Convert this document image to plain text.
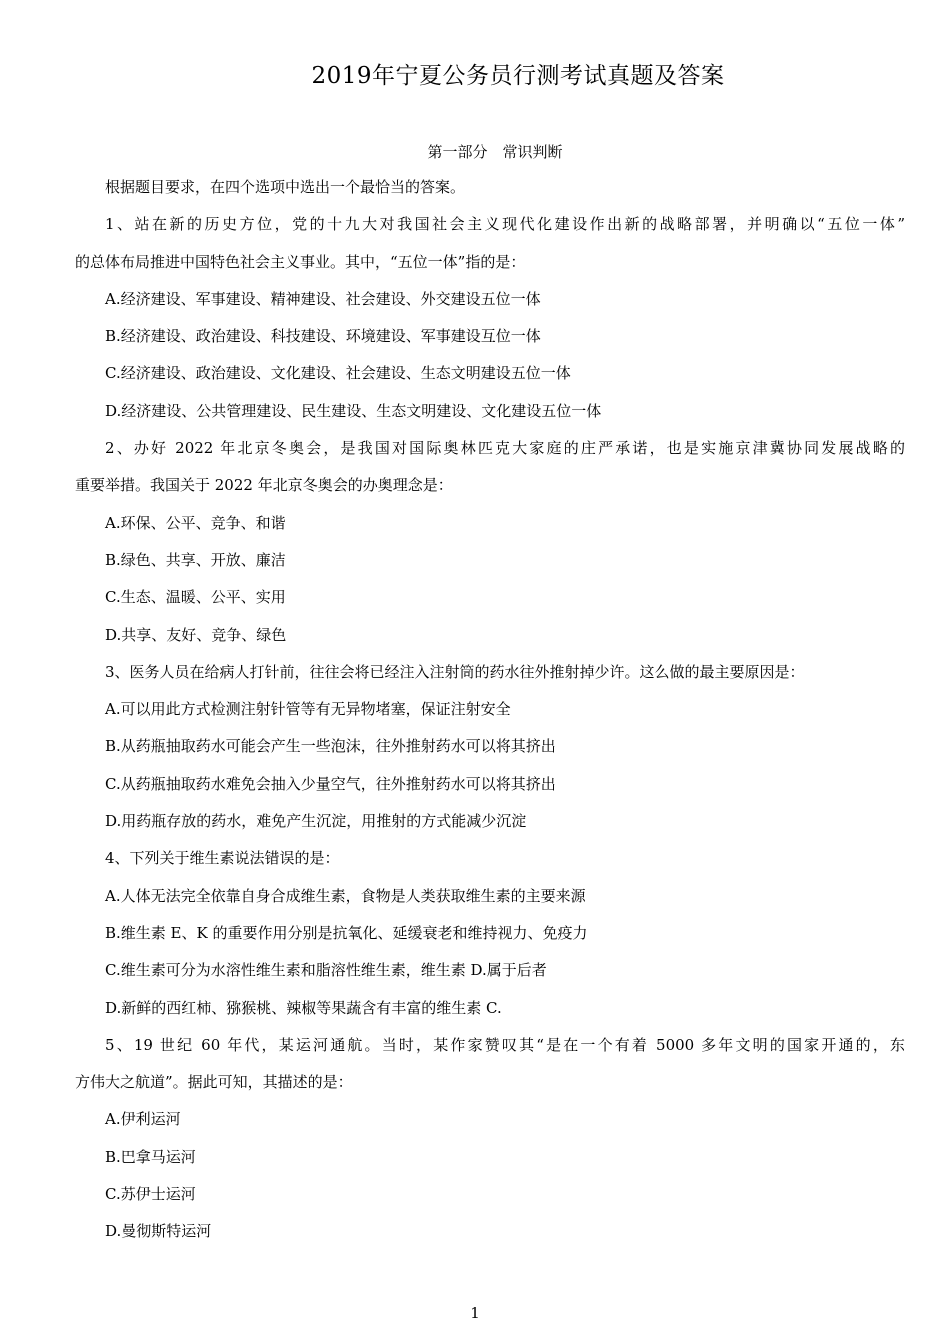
2019年宁夏公务员行测考试真题及答案
第一部分　常识判断
根据题目要求，在四个选项中选出一个最恰当的答案。
1、站在新的历史方位，党的十九大对我国社会主义现代化建设作出新的战略部署，并明确以“五位一体”
的总体布局推进中国特色社会主义事业。其中，“五位一体”指的是：
A.经济建设、军事建设、精神建设、社会建设、外交建设五位一体
B.经济建设、政治建设、科技建设、环境建设、军事建设互位一体
C.经济建设、政治建设、文化建设、社会建设、生态文明建设五位一体
D.经济建设、公共管理建设、民生建设、生态文明建设、文化建设五位一体
2、办好 2022 年北京冬奥会，是我国对国际奥林匹克大家庭的庄严承诺，也是实施京津冀协同发展战略的
重要举措。我国关于 2022 年北京冬奥会的办奥理念是：
A.环保、公平、竞争、和谐
B.绿色、共享、开放、廉洁
C.生态、温暖、公平、实用
D.共享、友好、竞争、绿色
3、医务人员在给病人打针前，往往会将已经注入注射筒的药水往外推射掉少许。这么做的最主要原因是：
A.可以用此方式检测注射针管等有无异物堵塞，保证注射安全
B.从药瓶抽取药水可能会产生一些泡沫，往外推射药水可以将其挤出
C.从药瓶抽取药水难免会抽入少量空气，往外推射药水可以将其挤出
D.用药瓶存放的药水，难免产生沉淀，用推射的方式能减少沉淀
4、下列关于维生素说法错误的是：
A.人体无法完全依靠自身合成维生素，食物是人类获取维生素的主要来源
B.维生素 E、K 的重要作用分别是抗氧化、延缓衰老和维持视力、免疫力
C.维生素可分为水溶性维生素和脂溶性维生素，维生素 D.属于后者
D.新鲜的西红柿、猕猴桃、辣椒等果蔬含有丰富的维生素 C.
5、19 世纪 60 年代，某运河通航。当时，某作家赞叹其“是在一个有着 5000 多年文明的国家开通的，东
方伟大之航道”。据此可知，其描述的是：
A.伊利运河
B.巴拿马运河
C.苏伊士运河
D.曼彻斯特运河
1
